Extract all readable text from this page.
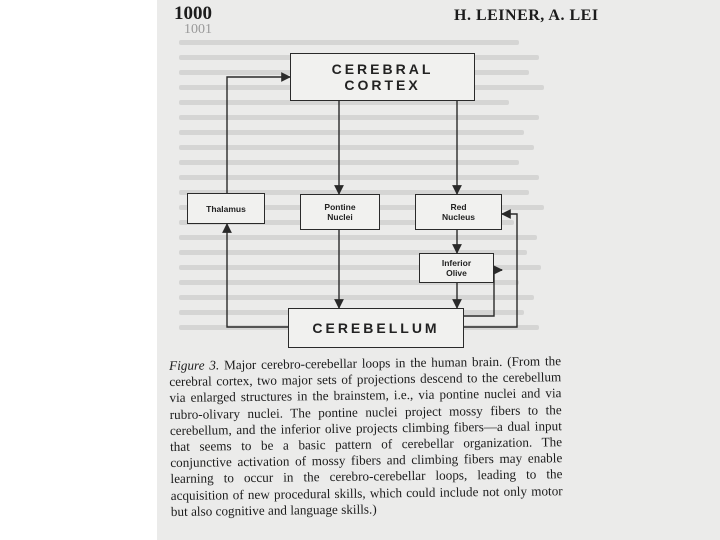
1000
1001
H. LEINER, A. LEI
CEREBRAL CORTEX
Thalamus	Pontine
Nuclei
Red
Nucleus
Inferior
Olive
CEREBELLUM
Figure 3. Major cerebro-cerebellar loops in the human brain. (From the cerebral cortex, two major sets of projections descend to the cerebellum via enlarged structures in the brainstem, i.e., via pontine nuclei and via rubro-olivary nuclei. The pontine nuclei project mossy fibers to the cerebellum, and the inferior olive projects climbing fibers—a dual input that seems to be a basic pattern of cerebellar organization. The conjunctive activation of mossy fibers and climbing fibers may enable learning to occur in the cerebro-cerebellar loops, leading to the acquisition of new procedural skills, which could include not only motor but also cognitive and language skills.)
